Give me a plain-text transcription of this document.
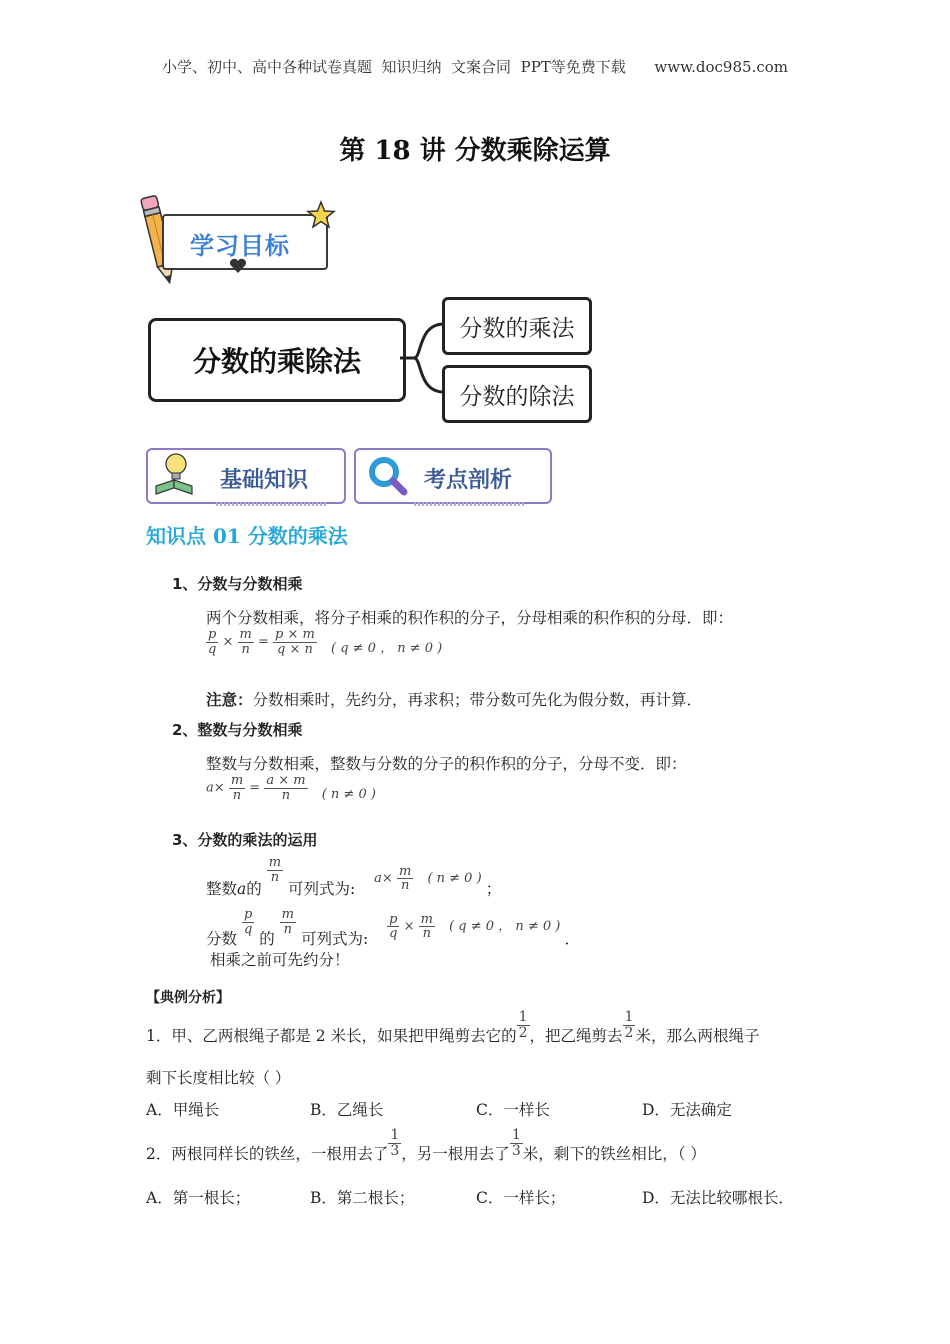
小学、初中、高中各种试卷真题  知识归纳  文案合同  PPT等免费下载      www.doc985.com
第 18 讲 分数乘除运算
学习目标
分数的乘除法
分数的乘法
分数的除法
基础知识	考点剖析
知识点 01 分数的乘法
1、分数与分数相乘
两个分数相乘，将分子相乘的积作积的分子，分母相乘的积作积的分母．即：
$\frac{p}{q} \times \frac{m}{n} = \frac{p \times m}{q \times n}$ ( q ≠ 0 ， n ≠ 0 )
注意：分数相乘时，先约分，再求积；带分数可先化为假分数，再计算．
2、整数与分数相乘
整数与分数相乘，整数与分数的分子的积作积的分子，分母不变．即：
$a\times \frac{m}{n} = \frac{a \times m}{n}$ ( n ≠ 0 )
3、分数的乘法的运用
整数a的
$\frac{m}{n}$
可列式为: $_{a\times \frac{m}{n} ( n \ne 0 )}$ ；
分数
$\frac{p}{q}$
的
$\frac{m}{n}$
可列式为: $_{\frac{p}{q} \times \frac{m}{n} ( q \ne 0 , n \ne 0 )}$ ．
相乘之前可先约分！
【典例分析】
1．甲、乙两根绳子都是 2 米长，如果把甲绳剪去它的 $\frac{1}{2}$ ，把乙绳剪去 $\frac{1}{2}$ 米，那么两根绳子
剩下长度相比较（ ）
A．甲绳长	B．乙绳长	C．一样长	D．无法确定
2．两根同样长的铁丝，一根用去了 $\frac{1}{3}$ ，另一根用去了 $\frac{1}{3}$ 米，剩下的铁丝相比，（ ）
A．第一根长；	B．第二根长；	C．一样长；	D．无法比较哪根长．
